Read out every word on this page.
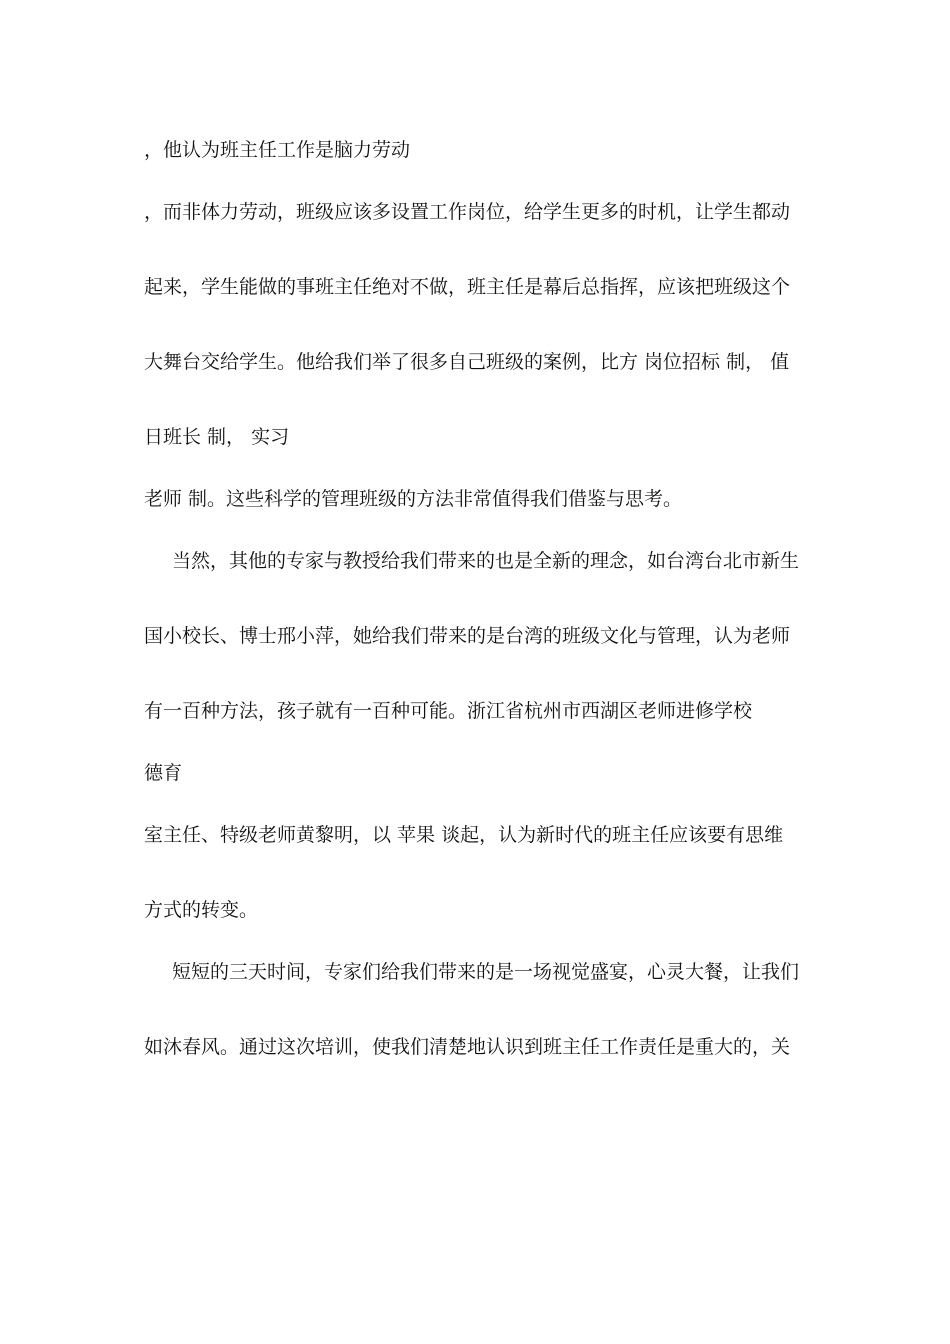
，他认为班主任工作是脑力劳动
，而非体力劳动，班级应该多设置工作岗位，给学生更多的时机，让学生都动
起来，学生能做的事班主任绝对不做，班主任是幕后总指挥，应该把班级这个
大舞台交给学生。他给我们举了很多自己班级的案例，比方 岗位招标 制， 值
日班长 制， 实习
老师 制。这些科学的管理班级的方法非常值得我们借鉴与思考。
当然，其他的专家与教授给我们带来的也是全新的理念，如台湾台北市新生
国小校长、博士邢小萍，她给我们带来的是台湾的班级文化与管理，认为老师
有一百种方法，孩子就有一百种可能。浙江省杭州市西湖区老师进修学校
德育
室主任、特级老师黄黎明，以 苹果 谈起，认为新时代的班主任应该要有思维
方式的转变。
短短的三天时间，专家们给我们带来的是一场视觉盛宴，心灵大餐，让我们
如沐春风。通过这次培训，使我们清楚地认识到班主任工作责任是重大的，关
